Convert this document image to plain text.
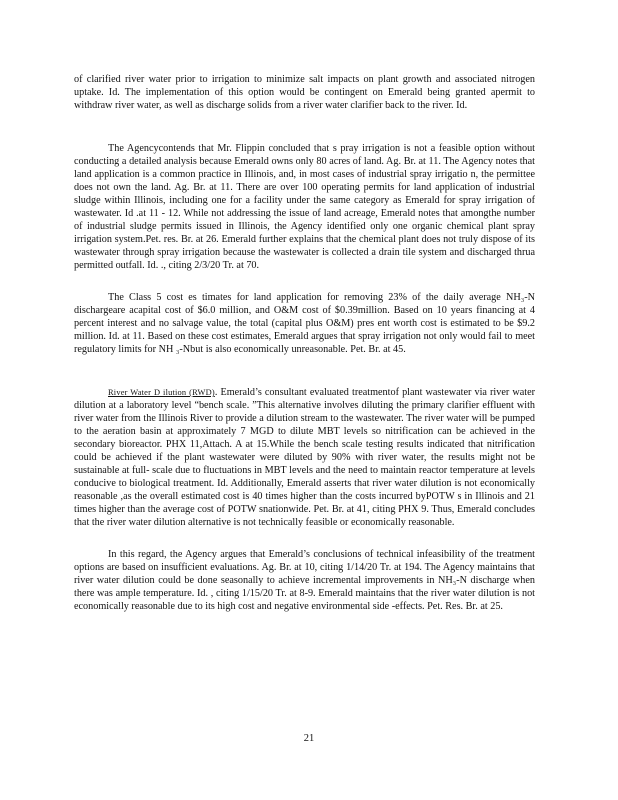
of clarified river water prior to irrigation to minimize salt impacts on plant growth and associated nitrogen uptake. Id. The implementation of this option would be contingent on Emerald being granted apermit to withdraw river water, as well as discharge solids from a river water clarifier back to the river. Id.

The Agencycontends that Mr. Flippin concluded that s pray irrigation is not a feasible option without conducting a detailed analysis because Emerald owns only 80 acres of land. Ag. Br. at 11. The Agency notes that land application is a common practice in Illinois, and, in most cases of industrial spray irrigatio n, the permittee does not own the land. Ag. Br. at 11. There are over 100 operating permits for land application of industrial sludge within Illinois, including one for a facility under the same category as Emerald for spray irrigation of wastewater. Id .at 11 - 12. While not addressing the issue of land acreage, Emerald notes that amongthe number of industrial sludge permits issued in Illinois, the Agency identified only one organic chemical plant spray irrigation system.Pet. res. Br. at 26. Emerald further explains that the chemical plant does not truly dispose of its wastewater through spray irrigation because the wastewater is collected a drain tile system and discharged thrua permitted outfall. Id. ., citing 2/3/20 Tr. at 70.

The Class 5 cost es timates for land application for removing 23% of the daily average NH₃-N dischargeare acapital cost of $6.0 million, and O&M cost of $0.39million. Based on 10 years financing at 4 percent interest and no salvage value, the total (capital plus O&M) pres ent worth cost is estimated to be $9.2 million. Id. at 11. Based on these cost estimates, Emerald argues that spray irrigation not only would fail to meet regulatory limits for NH ₃-Nbut is also economically unreasonable. Pet. Br. at 45.

River Water D ilution (RWD). Emerald’s consultant evaluated treatmentof plant wastewater via river water dilution at a laboratory level “bench scale. ”This alternative involves diluting the primary clarifier effluent with river water from the Illinois River to provide a dilution stream to the wastewater. The river water will be pumped to the aeration basin at approximately 7 MGD to dilute MBT levels so nitrification can be achieved in the secondary bioreactor. PHX 11,Attach. A at 15.While the bench scale testing results indicated that nitrification could be achieved if the plant wastewater were diluted by 90% with river water, the results might not be sustainable at full- scale due to fluctuations in MBT levels and the need to maintain reactor temperature at levels conducive to biological treatment. Id. Additionally, Emerald asserts that river water dilution is not economically reasonable ,as the overall estimated cost is 40 times higher than the costs incurred byPOTW s in Illinois and 21 times higher than the average cost of POTW snationwide. Pet. Br. at 41, citing PHX 9. Thus, Emerald concludes that the river water dilution alternative is not technically feasible or economically reasonable.

In this regard, the Agency argues that Emerald’s conclusions of technical infeasibility of the treatment options are based on insufficient evaluations. Ag. Br. at 10, citing 1/14/20 Tr. at 194. The Agency maintains that river water dilution could be done seasonally to achieve incremental improvements in NH₃-N discharge when there was ample temperature. Id. , citing 1/15/20 Tr. at 8-9. Emerald maintains that the river water dilution is not economically reasonable due to its high cost and negative environmental side -effects. Pet. Res. Br. at 25.

21
